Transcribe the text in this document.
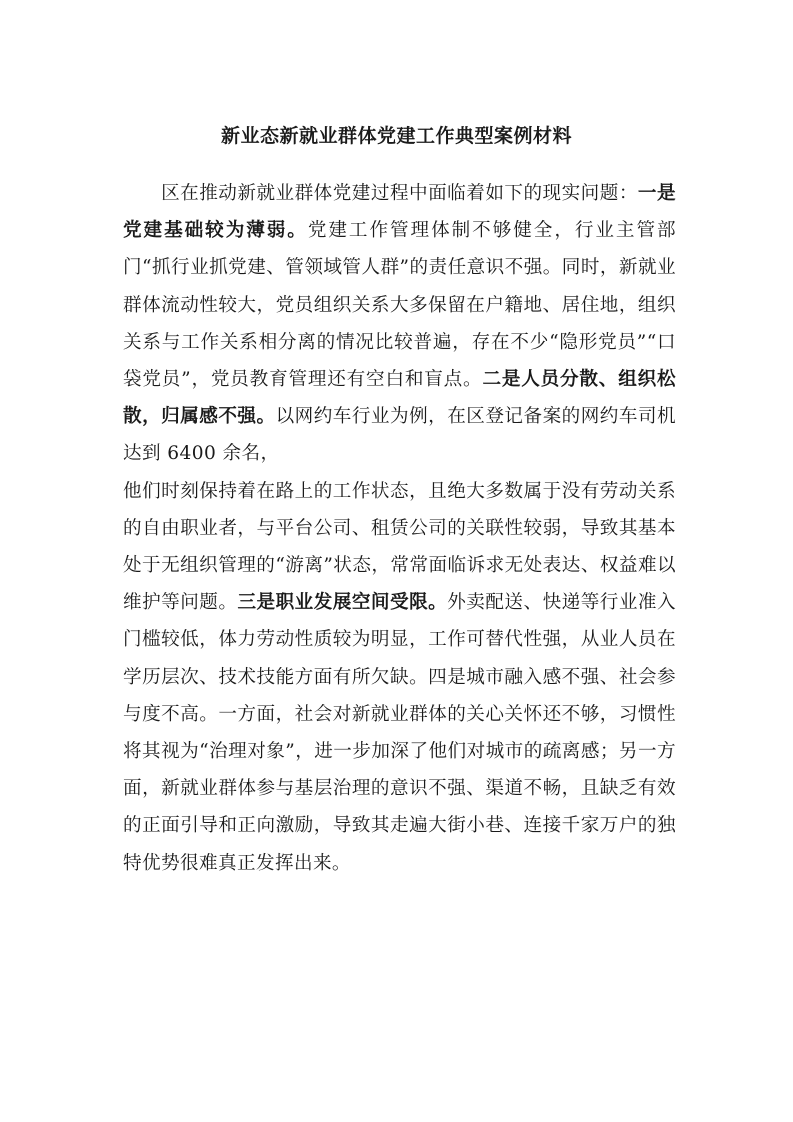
新业态新就业群体党建工作典型案例材料

区在推动新就业群体党建过程中面临着如下的现实问题：一是党建基础较为薄弱。党建工作管理体制不够健全，行业主管部门“抓行业抓党建、管领域管人群”的责任意识不强。同时，新就业群体流动性较大，党员组织关系大多保留在户籍地、居住地，组织关系与工作关系相分离的情况比较普遍，存在不少“隐形党员”“口袋党员”，党员教育管理还有空白和盲点。二是人员分散、组织松散，归属感不强。以网约车行业为例，在区登记备案的网约车司机达到 6400 余名，
他们时刻保持着在路上的工作状态，且绝大多数属于没有劳动关系的自由职业者，与平台公司、租赁公司的关联性较弱，导致其基本处于无组织管理的“游离”状态，常常面临诉求无处表达、权益难以维护等问题。三是职业发展空间受限。外卖配送、快递等行业准入门槛较低，体力劳动性质较为明显，工作可替代性强，从业人员在学历层次、技术技能方面有所欠缺。四是城市融入感不强、社会参与度不高。一方面，社会对新就业群体的关心关怀还不够，习惯性将其视为“治理对象”，进一步加深了他们对城市的疏离感；另一方面，新就业群体参与基层治理的意识不强、渠道不畅，且缺乏有效的正面引导和正向激励，导致其走遍大街小巷、连接千家万户的独特优势很难真正发挥出来。
